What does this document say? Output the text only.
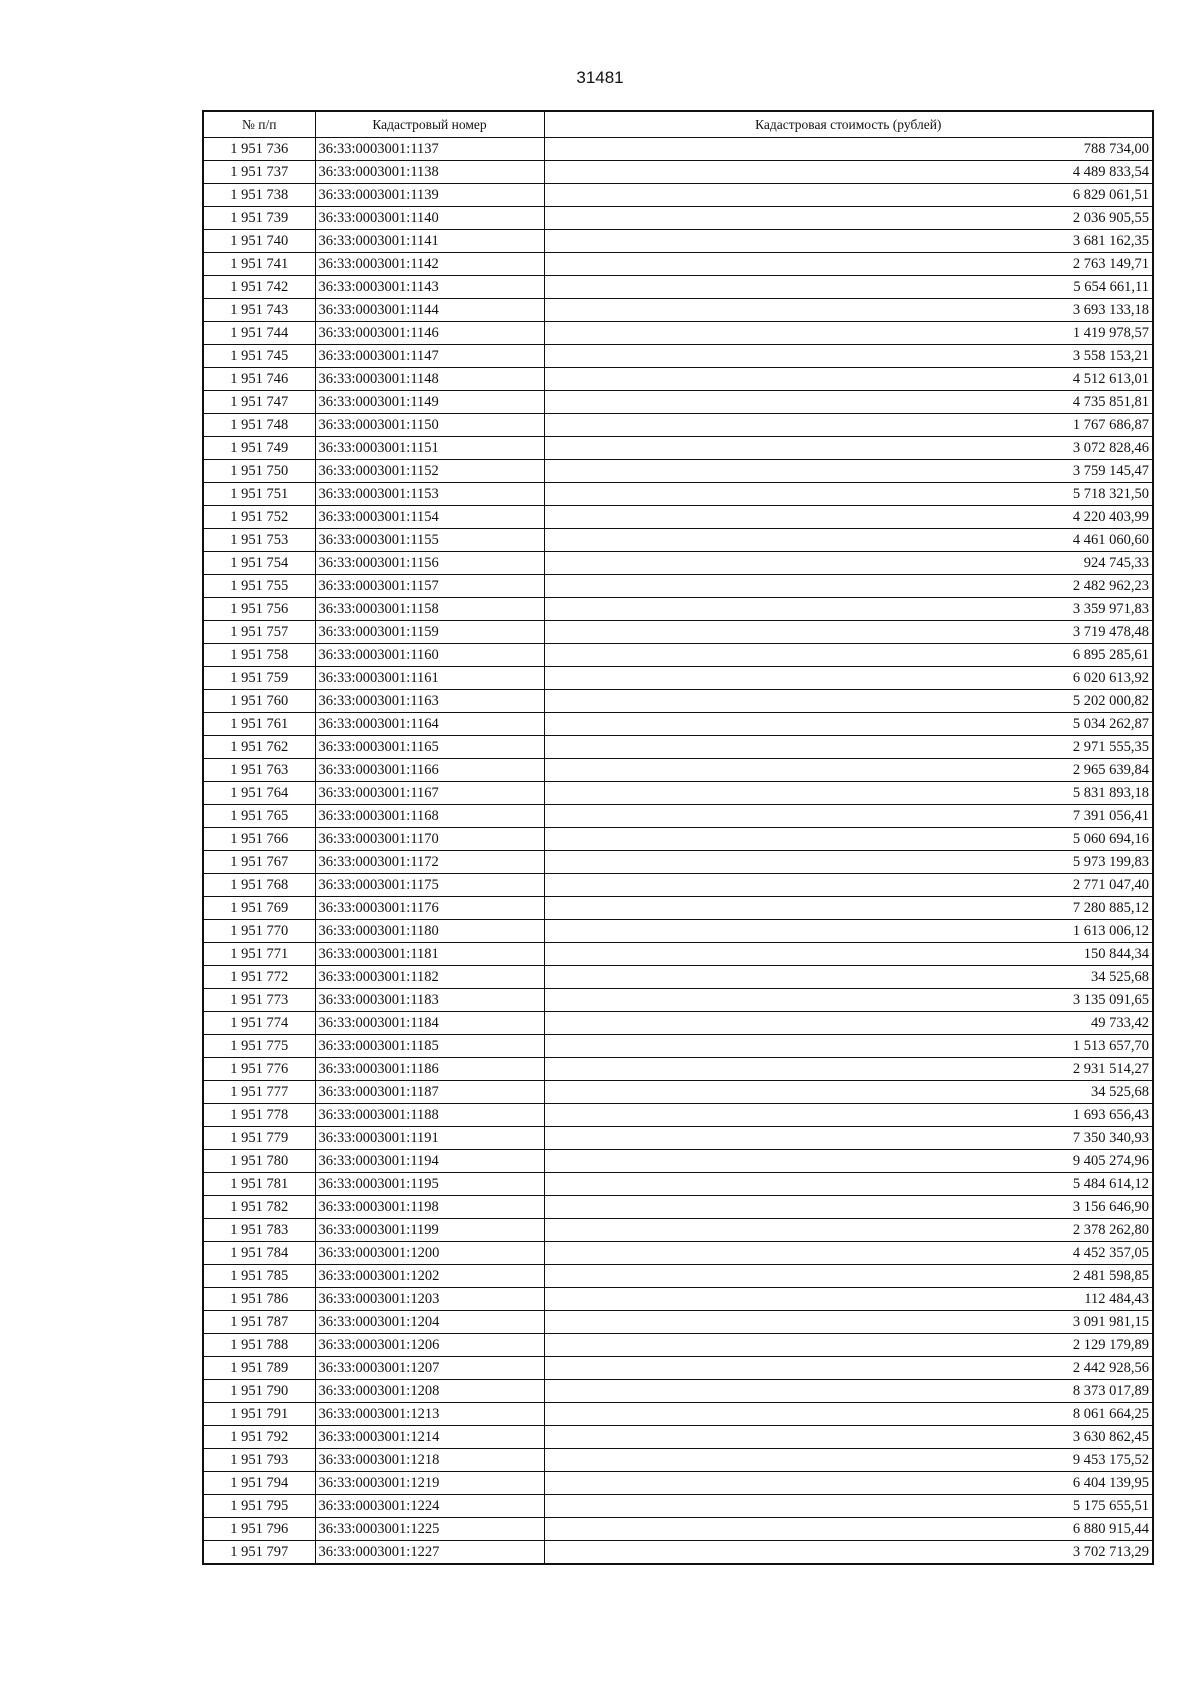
31481
№ п/п	Кадастровый номер	Кадастровая стоимость (рублей)
1 951 736	36:33:0003001:1137	788 734,00
1 951 737	36:33:0003001:1138	4 489 833,54
1 951 738	36:33:0003001:1139	6 829 061,51
1 951 739	36:33:0003001:1140	2 036 905,55
1 951 740	36:33:0003001:1141	3 681 162,35
1 951 741	36:33:0003001:1142	2 763 149,71
1 951 742	36:33:0003001:1143	5 654 661,11
1 951 743	36:33:0003001:1144	3 693 133,18
1 951 744	36:33:0003001:1146	1 419 978,57
1 951 745	36:33:0003001:1147	3 558 153,21
1 951 746	36:33:0003001:1148	4 512 613,01
1 951 747	36:33:0003001:1149	4 735 851,81
1 951 748	36:33:0003001:1150	1 767 686,87
1 951 749	36:33:0003001:1151	3 072 828,46
1 951 750	36:33:0003001:1152	3 759 145,47
1 951 751	36:33:0003001:1153	5 718 321,50
1 951 752	36:33:0003001:1154	4 220 403,99
1 951 753	36:33:0003001:1155	4 461 060,60
1 951 754	36:33:0003001:1156	924 745,33
1 951 755	36:33:0003001:1157	2 482 962,23
1 951 756	36:33:0003001:1158	3 359 971,83
1 951 757	36:33:0003001:1159	3 719 478,48
1 951 758	36:33:0003001:1160	6 895 285,61
1 951 759	36:33:0003001:1161	6 020 613,92
1 951 760	36:33:0003001:1163	5 202 000,82
1 951 761	36:33:0003001:1164	5 034 262,87
1 951 762	36:33:0003001:1165	2 971 555,35
1 951 763	36:33:0003001:1166	2 965 639,84
1 951 764	36:33:0003001:1167	5 831 893,18
1 951 765	36:33:0003001:1168	7 391 056,41
1 951 766	36:33:0003001:1170	5 060 694,16
1 951 767	36:33:0003001:1172	5 973 199,83
1 951 768	36:33:0003001:1175	2 771 047,40
1 951 769	36:33:0003001:1176	7 280 885,12
1 951 770	36:33:0003001:1180	1 613 006,12
1 951 771	36:33:0003001:1181	150 844,34
1 951 772	36:33:0003001:1182	34 525,68
1 951 773	36:33:0003001:1183	3 135 091,65
1 951 774	36:33:0003001:1184	49 733,42
1 951 775	36:33:0003001:1185	1 513 657,70
1 951 776	36:33:0003001:1186	2 931 514,27
1 951 777	36:33:0003001:1187	34 525,68
1 951 778	36:33:0003001:1188	1 693 656,43
1 951 779	36:33:0003001:1191	7 350 340,93
1 951 780	36:33:0003001:1194	9 405 274,96
1 951 781	36:33:0003001:1195	5 484 614,12
1 951 782	36:33:0003001:1198	3 156 646,90
1 951 783	36:33:0003001:1199	2 378 262,80
1 951 784	36:33:0003001:1200	4 452 357,05
1 951 785	36:33:0003001:1202	2 481 598,85
1 951 786	36:33:0003001:1203	112 484,43
1 951 787	36:33:0003001:1204	3 091 981,15
1 951 788	36:33:0003001:1206	2 129 179,89
1 951 789	36:33:0003001:1207	2 442 928,56
1 951 790	36:33:0003001:1208	8 373 017,89
1 951 791	36:33:0003001:1213	8 061 664,25
1 951 792	36:33:0003001:1214	3 630 862,45
1 951 793	36:33:0003001:1218	9 453 175,52
1 951 794	36:33:0003001:1219	6 404 139,95
1 951 795	36:33:0003001:1224	5 175 655,51
1 951 796	36:33:0003001:1225	6 880 915,44
1 951 797	36:33:0003001:1227	3 702 713,29
